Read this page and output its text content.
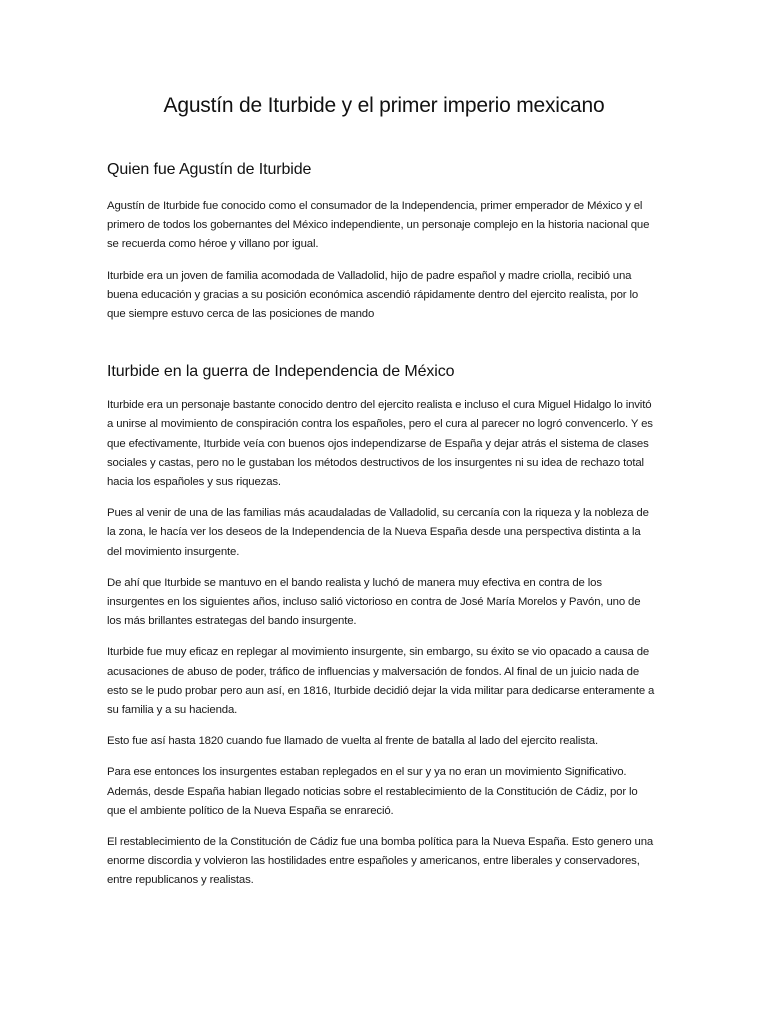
Agustín de Iturbide y el primer imperio mexicano
Quien fue Agustín de Iturbide

Agustín de Iturbide fue conocido como el consumador de la Independencia, primer emperador de México y el primero de todos los gobernantes del México independiente, un personaje complejo en la historia nacional que se recuerda como héroe y villano por igual.

Iturbide era un joven de familia acomodada de Valladolid, hijo de padre español y madre criolla, recibió una buena educación y gracias a su posición económica ascendió rápidamente dentro del ejercito realista, por lo que siempre estuvo cerca de las posiciones de mando

Iturbide en la guerra de Independencia de México

Iturbide era un personaje bastante conocido dentro del ejercito realista e incluso el cura Miguel Hidalgo lo invitó a unirse al movimiento de conspiración contra los españoles, pero el cura al parecer no logró convencerlo. Y es que efectivamente, Iturbide veía con buenos ojos independizarse de España y dejar atrás el sistema de clases sociales y castas, pero no le gustaban los métodos destructivos de los insurgentes ni su idea de rechazo total hacia los españoles y sus riquezas.

Pues al venir de una de las familias más acaudaladas de Valladolid, su cercanía con la riqueza y la nobleza de la zona, le hacía ver los deseos de la Independencia de la Nueva España desde una perspectiva distinta a la del movimiento insurgente.

De ahí que Iturbide se mantuvo en el bando realista y luchó de manera muy efectiva en contra de los insurgentes en los siguientes años, incluso salió victorioso en contra de José María Morelos y Pavón, uno de los más brillantes estrategas del bando insurgente.

Iturbide fue muy eficaz en replegar al movimiento insurgente, sin embargo, su éxito se vio opacado a causa de acusaciones de abuso de poder, tráfico de influencias y malversación de fondos. Al final de un juicio nada de esto se le pudo probar pero aun así, en 1816, Iturbide decidió dejar la vida militar para dedicarse enteramente a su familia y a su hacienda.

Esto fue así hasta 1820 cuando fue llamado de vuelta al frente de batalla al lado del ejercito realista.

Para ese entonces los insurgentes estaban replegados en el sur y ya no eran un movimiento Significativo. Además, desde España habian llegado noticias sobre el restablecimiento de la Constitución de Cádiz, por lo que el ambiente político de la Nueva España se enrareció.

El restablecimiento de la Constitución de Cádiz fue una bomba política para la Nueva España. Esto genero una enorme discordia y volvieron las hostilidades entre españoles y americanos, entre liberales y conservadores, entre republicanos y realistas.
